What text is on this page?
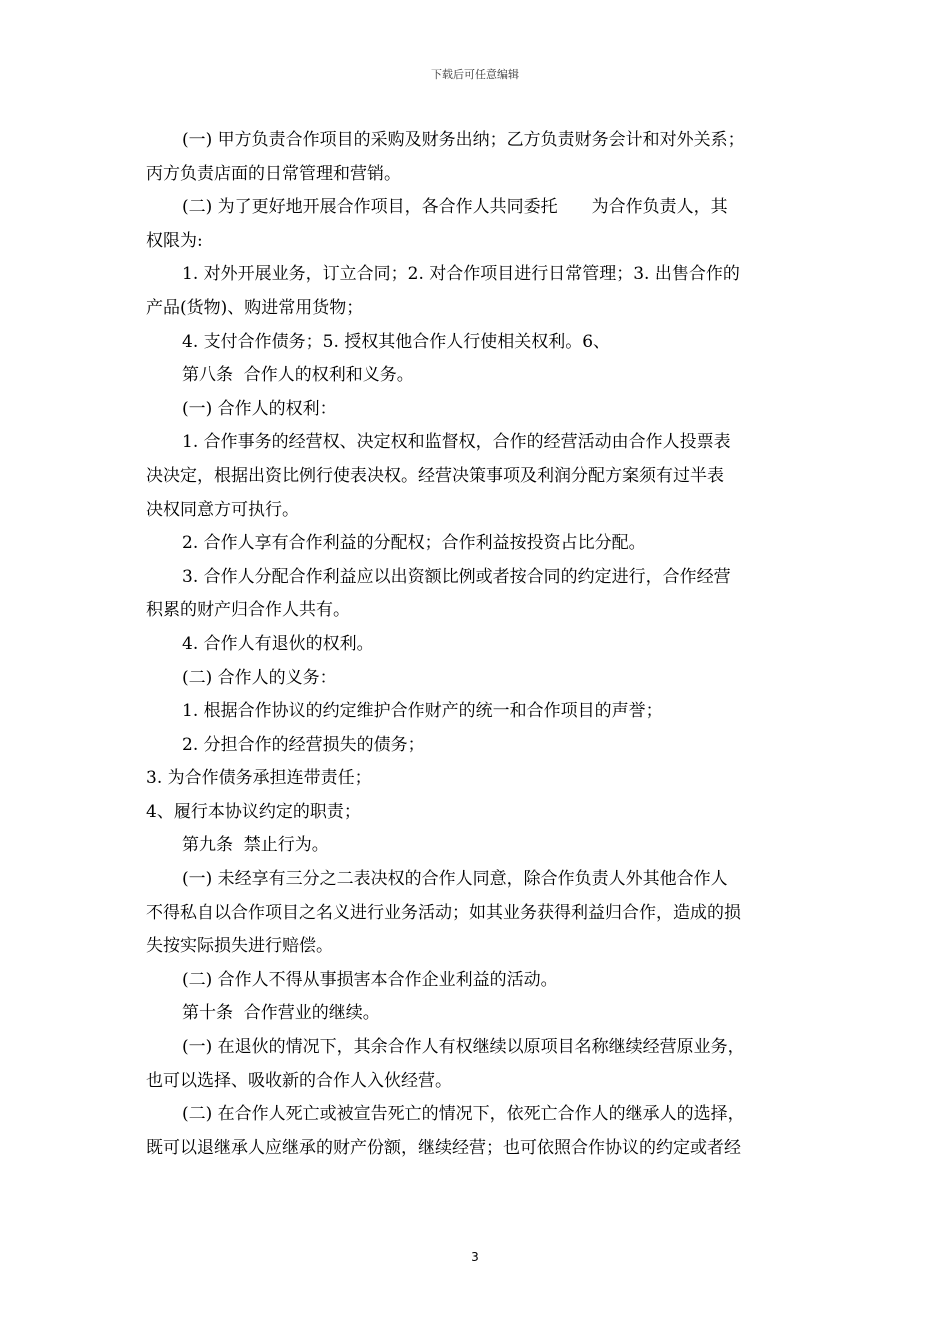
下载后可任意编辑
(一) 甲方负责合作项目的采购及财务出纳；乙方负责财务会计和对外关系；
丙方负责店面的日常管理和营销。
(二) 为了更好地开展合作项目，各合作人共同委托　　为合作负责人，其
权限为:
1. 对外开展业务，订立合同；2. 对合作项目进行日常管理；3. 出售合作的
产品(货物)、购进常用货物；
4. 支付合作债务；5. 授权其他合作人行使相关权利。6、
第八条  合作人的权利和义务。
(一) 合作人的权利：
1. 合作事务的经营权、决定权和监督权，合作的经营活动由合作人投票表
决决定，根据出资比例行使表决权。经营决策事项及利润分配方案须有过半表
决权同意方可执行。
2. 合作人享有合作利益的分配权；合作利益按投资占比分配。
3. 合作人分配合作利益应以出资额比例或者按合同的约定进行，合作经营
积累的财产归合作人共有。
4. 合作人有退伙的权利。
(二) 合作人的义务：
1. 根据合作协议的约定维护合作财产的统一和合作项目的声誉；
2. 分担合作的经营损失的债务；
3. 为合作债务承担连带责任；
4、履行本协议约定的职责；
第九条  禁止行为。
(一) 未经享有三分之二表决权的合作人同意，除合作负责人外其他合作人
不得私自以合作项目之名义进行业务活动；如其业务获得利益归合作，造成的损
失按实际损失进行赔偿。
(二) 合作人不得从事损害本合作企业利益的活动。
第十条  合作营业的继续。
(一) 在退伙的情况下，其余合作人有权继续以原项目名称继续经营原业务，
也可以选择、吸收新的合作人入伙经营。
(二) 在合作人死亡或被宣告死亡的情况下，依死亡合作人的继承人的选择，
既可以退继承人应继承的财产份额，继续经营；也可依照合作协议的约定或者经
3
